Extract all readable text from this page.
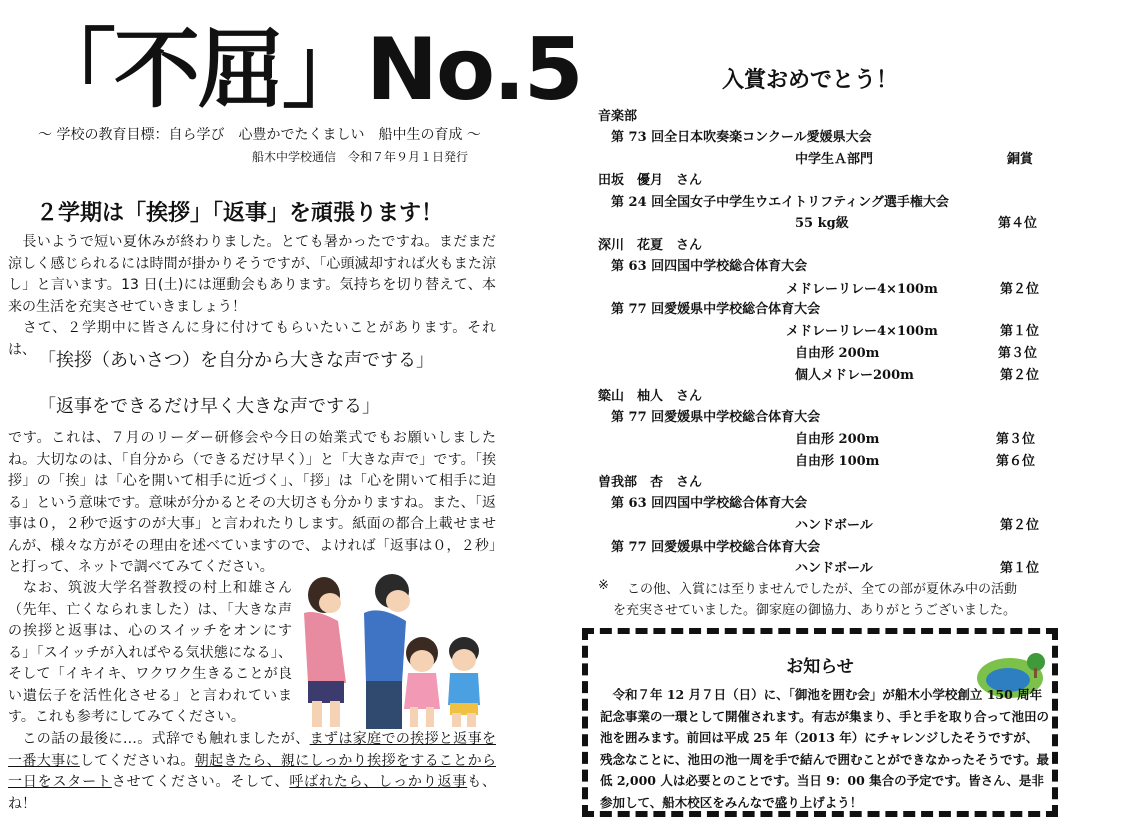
「不屈」No.5
～ 学校の教育目標：自ら学び　心豊かでたくましい　船中生の育成 ～
船木中学校通信　令和７年９月１日発行
２学期は「挨拶」「返事」を頑張ります！

　長いようで短い夏休みが終わりました。とても暑かったですね。まだまだ涼しく感じられるには時間が掛かりそうですが、「心頭滅却すれば火もまた涼し」と言います。13 日(土)には運動会もあります。気持ちを切り替えて、本来の生活を充実させていきましょう！

　さて、２学期中に皆さんに身に付けてもらいたいことがあります。それは、

「挨拶（あいさつ）を自分から大きな声でする」
「返事をできるだけ早く大きな声でする」

です。これは、７月のリーダー研修会や今日の始業式でもお願いしましたね。大切なのは、「自分から（できるだけ早く）」と「大きな声で」です。「挨拶」の「挨」は「心を開いて相手に近づく」、「拶」は「心を開いて相手に迫る」という意味です。意味が分かるとその大切さも分かりますね。また、「返事は０，２秒で返すのが大事」と言われたりします。紙面の都合上載せませんが、様々な方がその理由を述べていますので、よければ「返事は０，２秒」と打って、ネットで調べてみてください。

　なお、筑波大学名誉教授の村上和雄さん（先年、亡くなられました）は、「大きな声の挨拶と返事は、心のスイッチをオンにする」「スイッチが入ればやる気状態になる」、そして「イキイキ、ワクワク生きることが良い遺伝子を活性化させる」と言われています。これも参考にしてみてください。

　この話の最後に…。式辞でも触れましたが、まずは家庭での挨拶と返事を一番大事にしてくださいね。朝起きたら、親にしっかり挨拶をすることから一日をスタートさせてください。そして、呼ばれたら、しっかり返事も、ね！

入賞おめでとう！
音楽部
第 73 回全日本吹奏楽コンクール愛媛県大会
中学生Ａ部門	銅賞
田坂　優月　さん
第 24 回全国女子中学生ウエイトリフティング選手権大会
55 kg級	第４位
深川　花夏　さん
第 63 回四国中学校総合体育大会
メドレーリレー4×100m	第２位
第 77 回愛媛県中学校総合体育大会
メドレーリレー4×100m	第１位
自由形 200m	第３位
個人メドレー200m	第２位
簗山　柚人　さん
第 77 回愛媛県中学校総合体育大会
自由形 200m	第３位
自由形 100m	第６位
曽我部　杏　さん
第 63 回四国中学校総合体育大会
ハンドボール	第２位
第 77 回愛媛県中学校総合体育大会
ハンドボール	第１位
※ この他、入賞には至りませんでしたが、全ての部が夏休み中の活動
を充実させていました。御家庭の御協力、ありがとうございました。
お知らせ

　令和７年 12 月７日（日）に、「御池を囲む会」が船木小学校創立 150 周年記念事業の一環として開催されます。有志が集まり、手と手を取り合って池田の池を囲みます。前回は平成 25 年（2013 年）にチャレンジしたそうですが、残念なことに、池田の池一周を手で結んで囲むことができなかったそうです。最低 2,000 人は必要とのことです。当日 9：00 集合の予定です。皆さん、是非参加して、船木校区をみんなで盛り上げよう！
